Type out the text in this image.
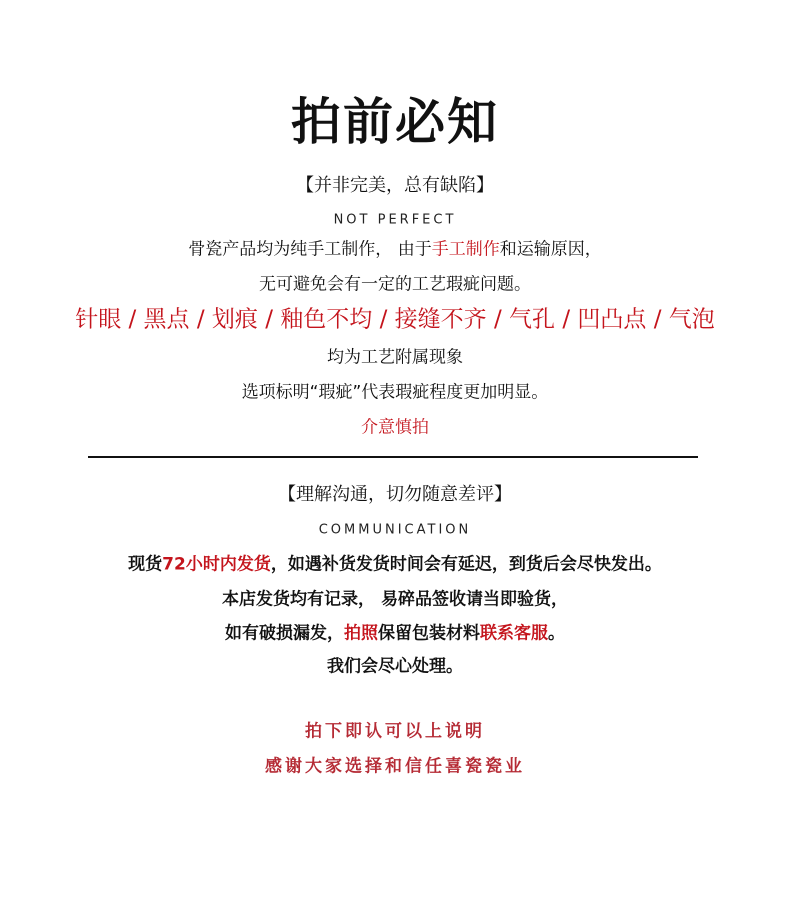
拍前必知
【并非完美，总有缺陷】
NOT PERFECT
骨瓷产品均为纯手工制作， 由于手工制作和运输原因，
无可避免会有一定的工艺瑕疵问题。
针眼 / 黑点 / 划痕 / 釉色不均 / 接缝不齐 / 气孔 / 凹凸点 / 气泡
均为工艺附属现象
选项标明“瑕疵”代表瑕疵程度更加明显。
介意慎拍
【理解沟通，切勿随意差评】
COMMUNICATION
现货72小时内发货，如遇补货发货时间会有延迟，到货后会尽快发出。
本店发货均有记录， 易碎品签收请当即验货，
如有破损漏发，拍照保留包装材料联系客服。
我们会尽心处理。
拍下即认可以上说明
感谢大家选择和信任喜瓷瓷业
